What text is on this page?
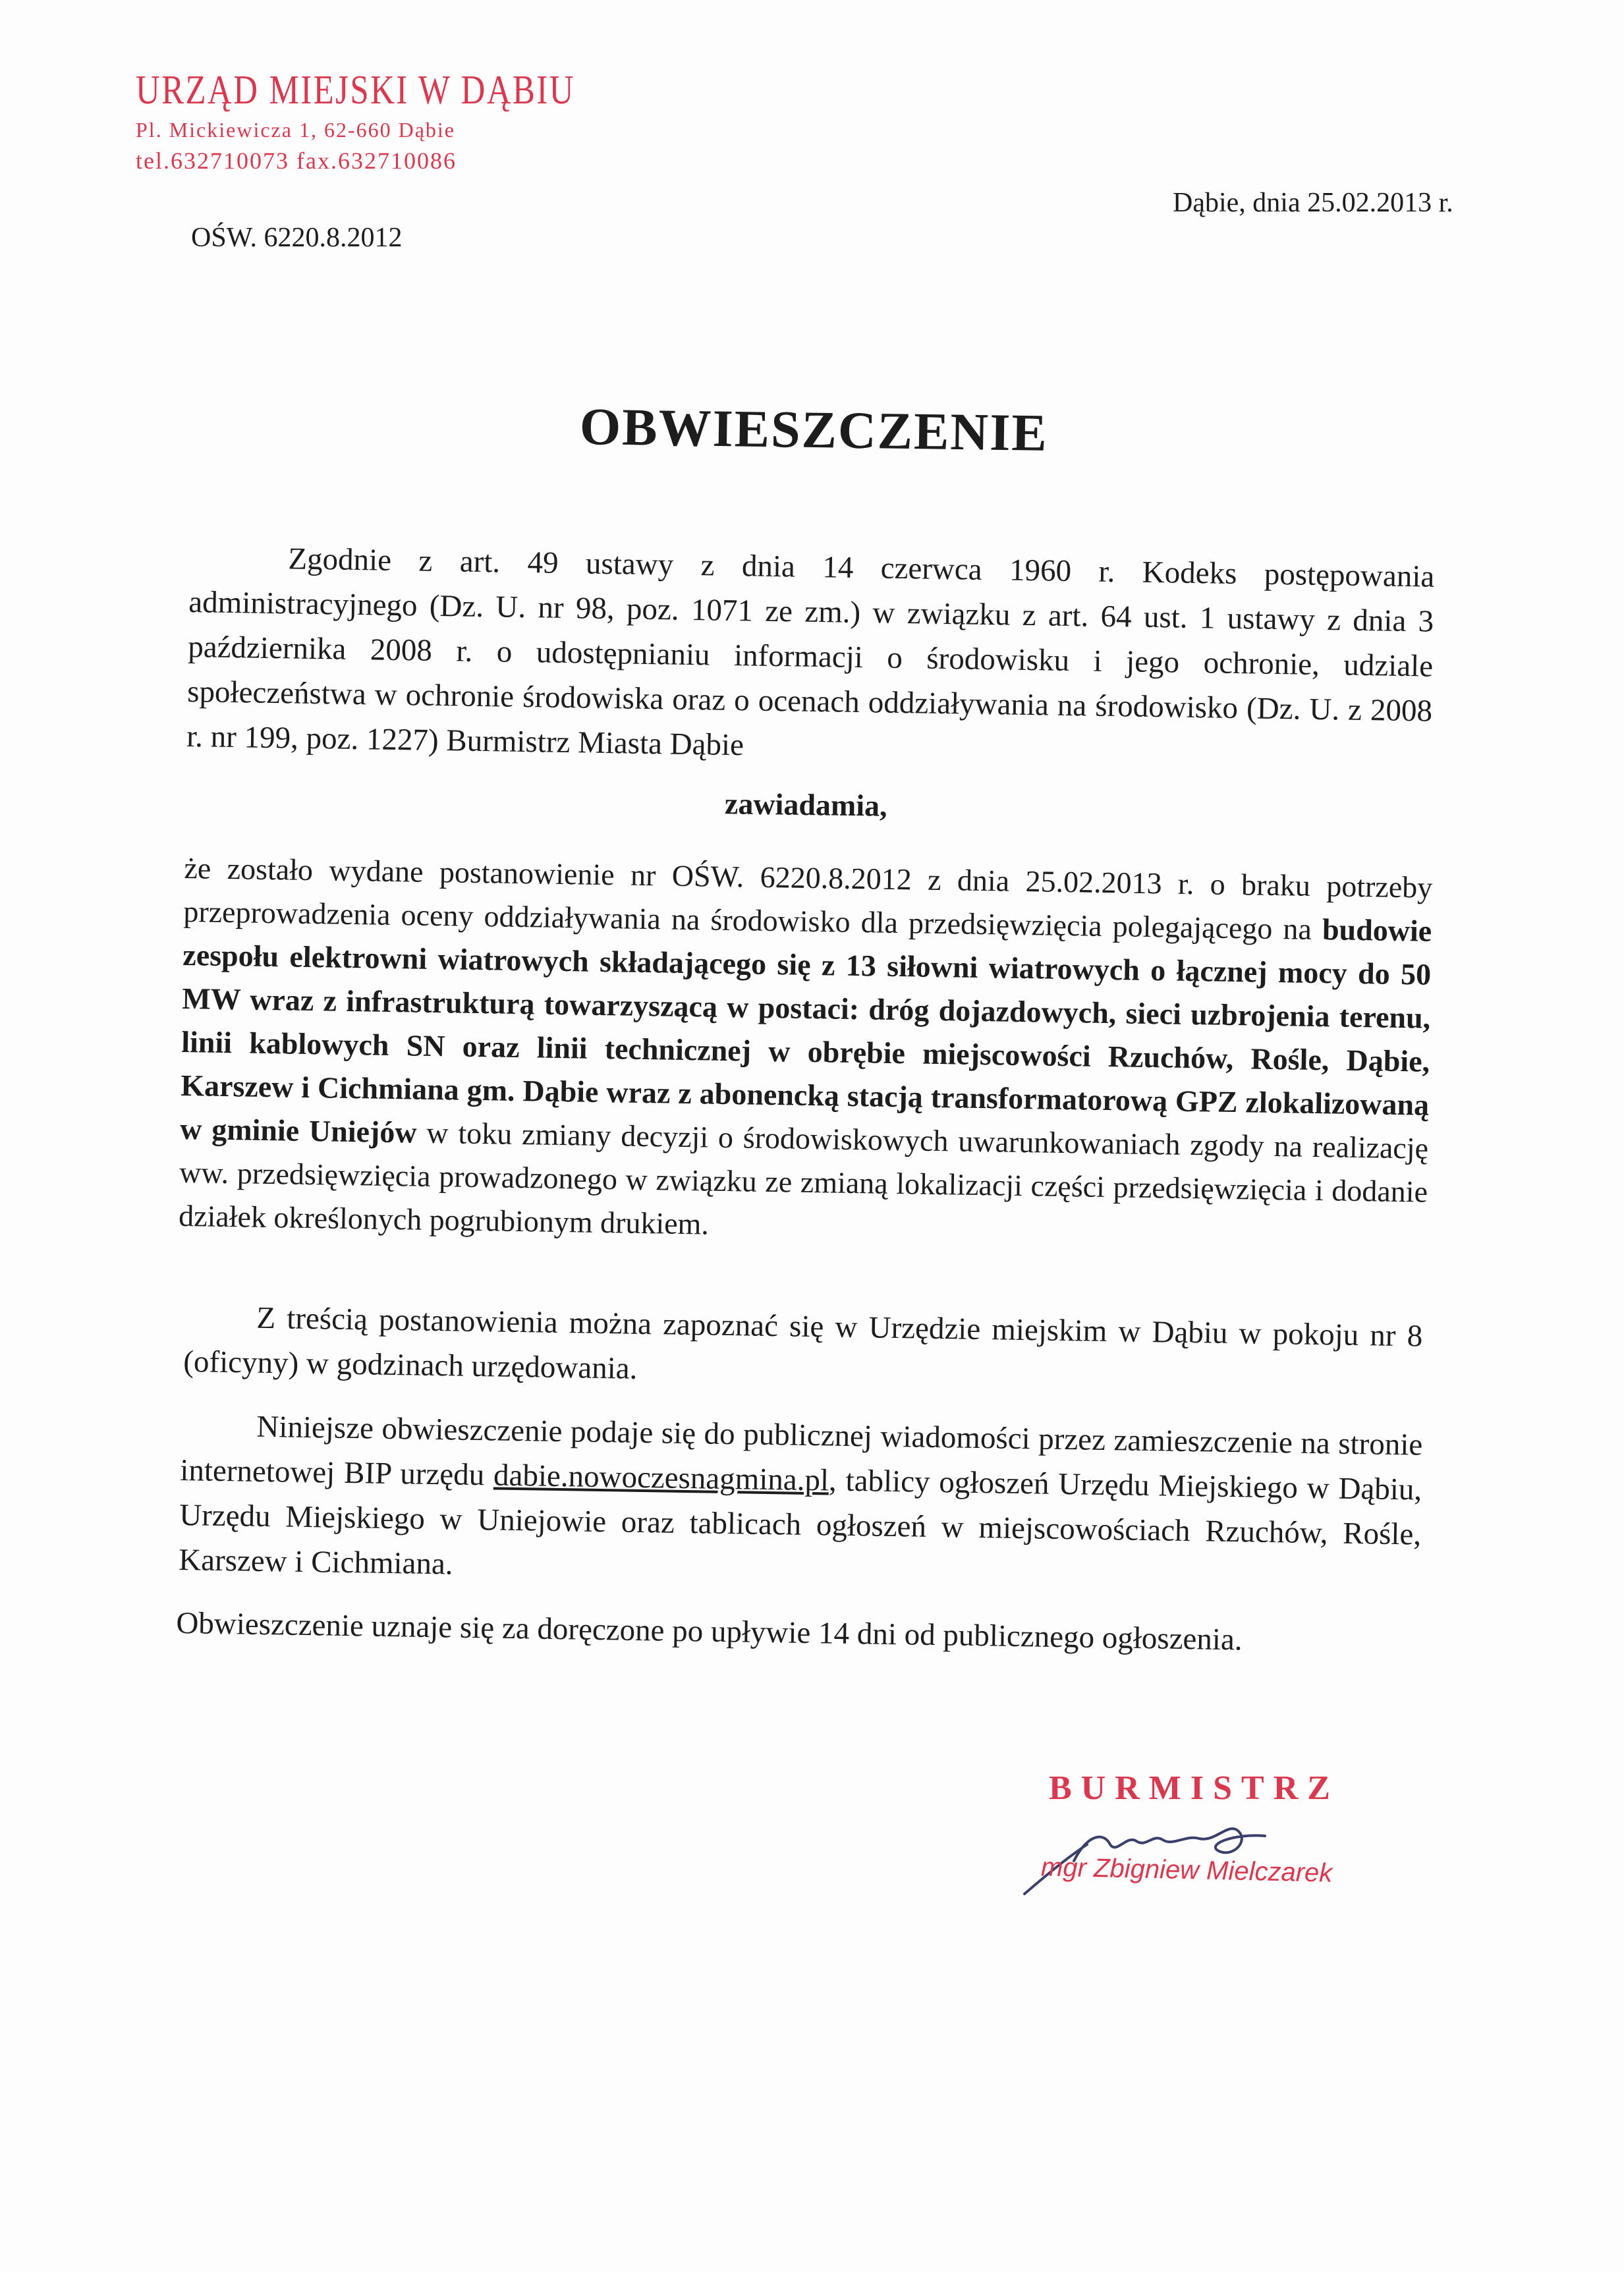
URZĄD MIEJSKI W DĄBIU
Pl. Mickiewicza 1, 62-660 Dąbie
tel.632710073 fax.632710086
OŚW. 6220.8.2012
Dąbie, dnia 25.02.2013 r.
OBWIESZCZENIE
Zgodnie z art. 49 ustawy z dnia 14 czerwca 1960 r. Kodeks postępowania administracyjnego (Dz. U. nr 98, poz. 1071 ze zm.) w związku z art. 64 ust. 1 ustawy z dnia 3 października 2008 r. o udostępnianiu informacji o środowisku i jego ochronie, udziale społeczeństwa w ochronie środowiska oraz o ocenach oddziaływania na środowisko (Dz. U. z 2008 r. nr 199, poz. 1227) Burmistrz Miasta Dąbie
zawiadamia,
że zostało wydane postanowienie nr OŚW. 6220.8.2012 z dnia 25.02.2013 r. o braku potrzeby przeprowadzenia oceny oddziaływania na środowisko dla przedsięwzięcia polegającego na budowie zespołu elektrowni wiatrowych składającego się z 13 siłowni wiatrowych o łącznej mocy do 50 MW wraz z infrastrukturą towarzyszącą w postaci: dróg dojazdowych, sieci uzbrojenia terenu, linii kablowych SN oraz linii technicznej w obrębie miejscowości Rzuchów, Rośle, Dąbie, Karszew i Cichmiana gm. Dąbie wraz z abonencką stacją transformatorową GPZ zlokalizowaną w gminie Uniejów w toku zmiany decyzji o środowiskowych uwarunkowaniach zgody na realizację ww. przedsięwzięcia prowadzonego w związku ze zmianą lokalizacji części przedsięwzięcia i dodanie działek określonych pogrubionym drukiem.
Z treścią postanowienia można zapoznać się w Urzędzie miejskim w Dąbiu w pokoju nr 8 (oficyny) w godzinach urzędowania.
Niniejsze obwieszczenie podaje się do publicznej wiadomości przez zamieszczenie na stronie internetowej BIP urzędu dabie.nowoczesnagmina.pl, tablicy ogłoszeń Urzędu Miejskiego w Dąbiu, Urzędu Miejskiego w Uniejowie oraz tablicach ogłoszeń w miejscowościach Rzuchów, Rośle, Karszew i Cichmiana.
Obwieszczenie uznaje się za doręczone po upływie 14 dni od publicznego ogłoszenia.
BURMISTRZ
mgr Zbigniew Mielczarek
